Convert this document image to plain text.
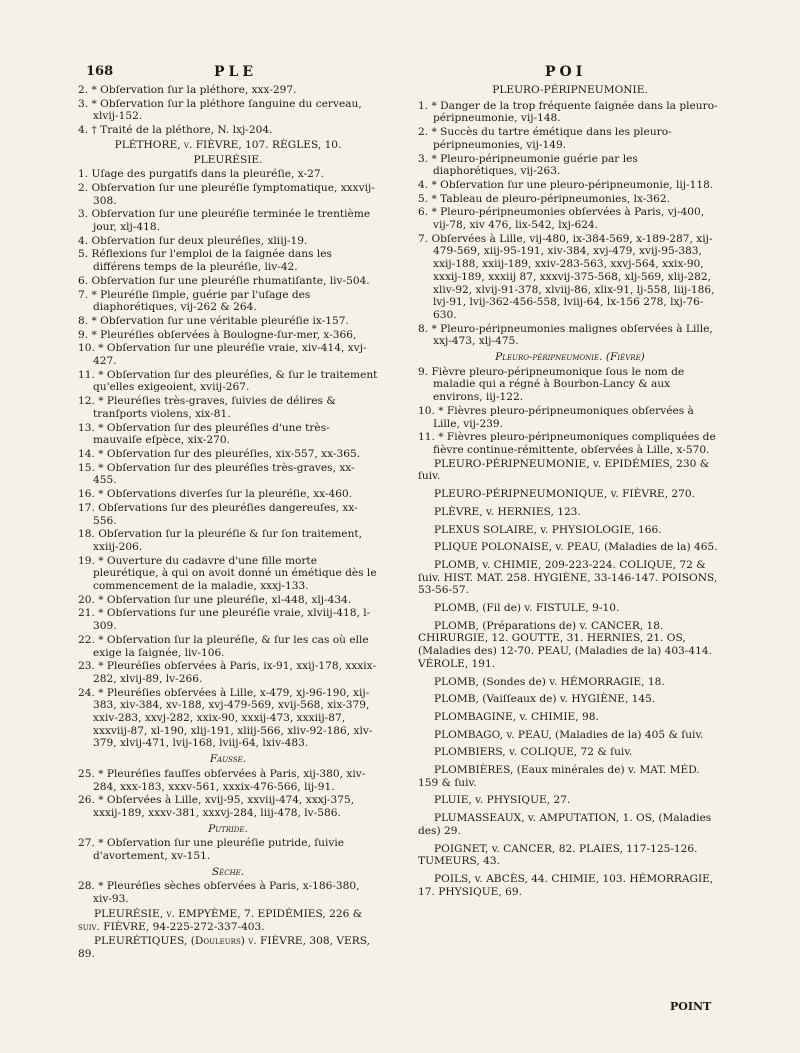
168	PLE	POI

2. * Obſervation ſur la pléthore, xxx-297.

3. * Obſervation ſur la pléthore ſanguine du cerveau, xlvij-152.

4. † Traité de la pléthore, N. lxj-204.

PLÉTHORE, v. FIÈVRE, 107. RÈGLES, 10.

PLEURÉSIE.

1. Uſage des purgatifs dans la pleuréſie, x-27.

2. Obſervation ſur une pleuréſie ſymptomatique, xxxvij-308.

3. Obſervation ſur une pleuréſie terminée le trentième jour, xlj-418.

4. Obſervation ſur deux pleuréſies, xliij-19.

5. Réflexions ſur l'emploi de la ſaignée dans les différens temps de la pleuréſie, liv-42.

6. Obſervation ſur une pleuréſie rhumatiſante, liv-504.

7. * Pleuréſie ſimple, guérie par l'uſage des diaphorétiques, vij-262 & 264.

8. * Obſervation ſur une véritable pleuréſie ix-157.

9. * Pleuréſies obſervées à Boulogne-ſur-mer, x-366,

10. * Obſervation ſur une pleuréſie vraie, xiv-414, xvj-427.

11. * Obſervation ſur des pleuréſies, & ſur le traitement qu'elles exigeoient, xviij-267.

12. * Pleuréſies très-graves, ſuivies de délires & tranſports violens, xix-81.

13. * Obſervation ſur des pleuréſies d'une très-mauvaiſe eſpèce, xix-270.

14. * Obſervation ſur des pleuréſies, xix-557, xx-365.

15. * Obſervation ſur des pleuréſies très-graves, xx-455.

16. * Obſervations diverſes ſur la pleuréſie, xx-460.

17. Obſervations ſur des pleuréſies dangereuſes, xx-556.

18. Obſervation ſur la pleuréſie & ſur ſon traitement, xxiij-206.

19. * Ouverture du cadavre d'une fille morte pleurétique, à qui on avoit donné un émétique dès le commencement de la maladie, xxxj-133.

20. * Obſervation ſur une pleuréſie, xl-448, xlj-434.

21. * Obſervations ſur une pleuréſie vraie, xlviij-418, l-309.

22. * Obſervation ſur la pleuréſie, & ſur les cas où elle exige la ſaignée, liv-106.

23. * Pleuréſies obſervées à Paris, ix-91, xxij-178, xxxix-282, xlvij-89, lv-266.

24. * Pleuréſies obſervées à Lille, x-479, xj-96-190, xij-383, xiv-384, xv-188, xvj-479-569, xvij-568, xix-379, xxiv-283, xxvj-282, xxix-90, xxxij-473, xxxiij-87, xxxviij-87, xl-190, xlij-191, xliij-566, xliv-92-186, xlv-379, xlvij-471, lvij-168, lviij-64, lxiv-483.

Fausse.

25. * Pleuréſies fauſſes obſervées à Paris, xij-380, xiv-284, xxx-183, xxxv-561, xxxix-476-566, lij-91.

26. * Obſervées à Lille, xvij-95, xxviij-474, xxxj-375, xxxij-189, xxxv-381, xxxvj-284, liij-478, lv-586.

Putride.

27. * Obſervation ſur une pleuréſie putride, ſuivie d'avortement, xv-151.

Sèche.

28. * Pleuréſies sèches obſervées à Paris, x-186-380, xiv-93.

PLEURÉSIE, v. EMPYÈME, 7. EPIDÉMIES, 226 & ſuiv. FIÈVRE, 94-225-272-337-403.

PLEURÉTIQUES, (Douleurs) v. FIÈVRE, 308, VERS, 89.

PLEURO-PÉRIPNEUMONIE.

1. * Danger de la trop fréquente ſaignée dans la pleuro-péripneumonie, vij-148.

2. * Succès du tartre émétique dans les pleuro-péripneumonies, vij-149.

3. * Pleuro-péripneumonie guérie par les diaphorétiques, vij-263.

4. * Obſervation ſur une pleuro-péripneumonie, lij-118.

5. * Tableau de pleuro-péripneumonies, lx-362.

6. * Pleuro-péripneumonies obſervées à Paris, vj-400, vij-78, xiv 476, lix-542, lxj-624.

7. Obſervées à Lille, vij-480, ix-384-569, x-189-287, xij-479-569, xiij-95-191, xiv-384, xvj-479, xvij-95-383, xxij-188, xxiij-189, xxiv-283-563, xxvj-564, xxix-90, xxxij-189, xxxiij 87, xxxvij-375-568, xlj-569, xlij-282, xliv-92, xlvij-91-378, xlviij-86, xlix-91, lj-558, liij-186, lvj-91, lvij-362-456-558, lviij-64, lx-156 278, lxj-76-630.

8. * Pleuro-péripneumonies malignes obſervées à Lille, xxj-473, xlj-475.

Pleuro-péripneumonie. (Fièvre)

9. Fièvre pleuro-péripneumonique ſous le nom de maladie qui a régné à Bourbon-Lancy & aux environs, iij-122.

10. * Fièvres pleuro-péripneumoniques obſervées à Lille, vij-239.

11. * Fièvres pleuro-péripneumoniques compliquées de fièvre continue-rémittente, obſervées à Lille, x-570.

PLEURO-PÉRIPNEUMONIE, v. EPIDÉMIES, 230 & ſuiv.

PLEURO-PÉRIPNEUMONIQUE, v. FIÈVRE, 270.

PLÈVRE, v. HERNIES, 123.

PLEXUS SOLAIRE, v. PHYSIOLOGIE, 166.

PLIQUE POLONAISE, v. PEAU, (Maladies de la) 465.

PLOMB, v. CHIMIE, 209-223-224. COLIQUE, 72 & ſuiv. HIST. MAT. 258. HYGIÈNE, 33-146-147. POISONS, 53-56-57.

PLOMB, (Fil de) v. FISTULE, 9-10.

PLOMB, (Préparations de) v. CANCER, 18. CHIRURGIE, 12. GOUTTE, 31. HERNIES, 21. OS, (Maladies des) 12-70. PEAU, (Maladies de la) 403-414. VÉROLE, 191.

PLOMB, (Sondes de) v. HÉMORRAGIE, 18.

PLOMB, (Vaiſſeaux de) v. HYGIÈNE, 145.

PLOMBAGINE, v. CHIMIE, 98.

PLOMBAGO, v. PEAU, (Maladies de la) 405 & ſuiv.

PLOMBIERS, v. COLIQUE, 72 & ſuiv.

PLOMBIÈRES, (Eaux minérales de) v. MAT. MÉD. 159 & ſuiv.

PLUIE, v. PHYSIQUE, 27.

PLUMASSEAUX, v. AMPUTATION, 1. OS, (Maladies des) 29.

POIGNET, v. CANCER, 82. PLAIES, 117-125-126. TUMEURS, 43.

POILS, v. ABCÈS, 44. CHIMIE, 103. HÉMORRAGIE, 17. PHYSIQUE, 69.

POINT
